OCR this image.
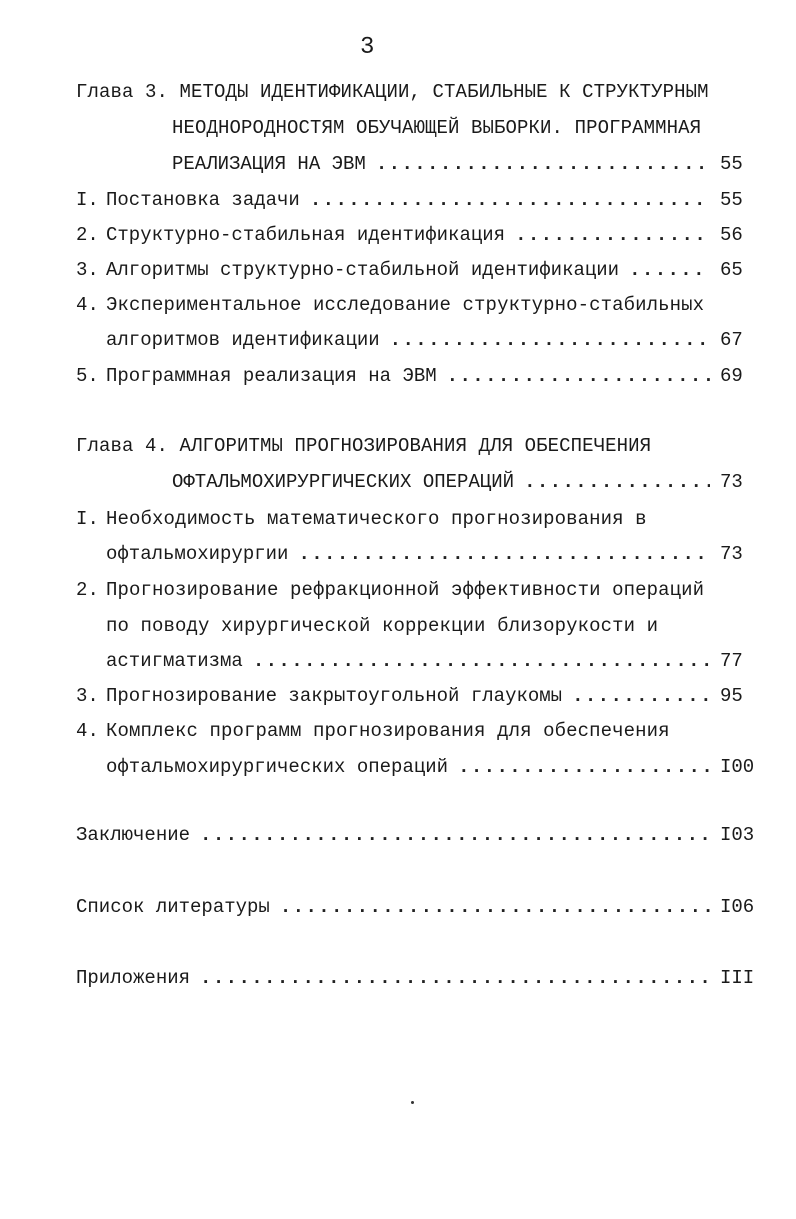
3
Глава 3. МЕТОДЫ ИДЕНТИФИКАЦИИ, СТАБИЛЬНЫЕ К СТРУКТУРНЫМ
НЕОДНОРОДНОСТЯМ ОБУЧАЮЩЕЙ ВЫБОРКИ. ПРОГРАММНАЯ
РЕАЛИЗАЦИЯ НА ЭВМ . . .	55
I. Постановка задачи . . .	55
2. Структурно-стабильная идентификация . . .	56
3. Алгоритмы структурно-стабильной идентификации . . .	65
4. Экспериментальное исследование структурно-стабильных
алгоритмов идентификации . . .	67
5. Программная реализация на ЭВМ . . .	69
Глава 4. АЛГОРИТМЫ ПРОГНОЗИРОВАНИЯ ДЛЯ ОБЕСПЕЧЕНИЯ
ОФТАЛЬМОХИРУРГИЧЕСКИХ ОПЕРАЦИЙ . . .	73
I. Необходимость математического прогнозирования в
офтальмохирургии . . .	73
2. Прогнозирование рефракционной эффективности операций
по поводу хирургической коррекции близорукости и
астигматизма . . .	77
3. Прогнозирование закрытоугольной глаукомы . . .	95
4. Комплекс программ прогнозирования для обеспечения
офтальмохирургических операций . . .	I00
Заключение . . .	I03
Список литературы . . .	I06
Приложения . . .	III
